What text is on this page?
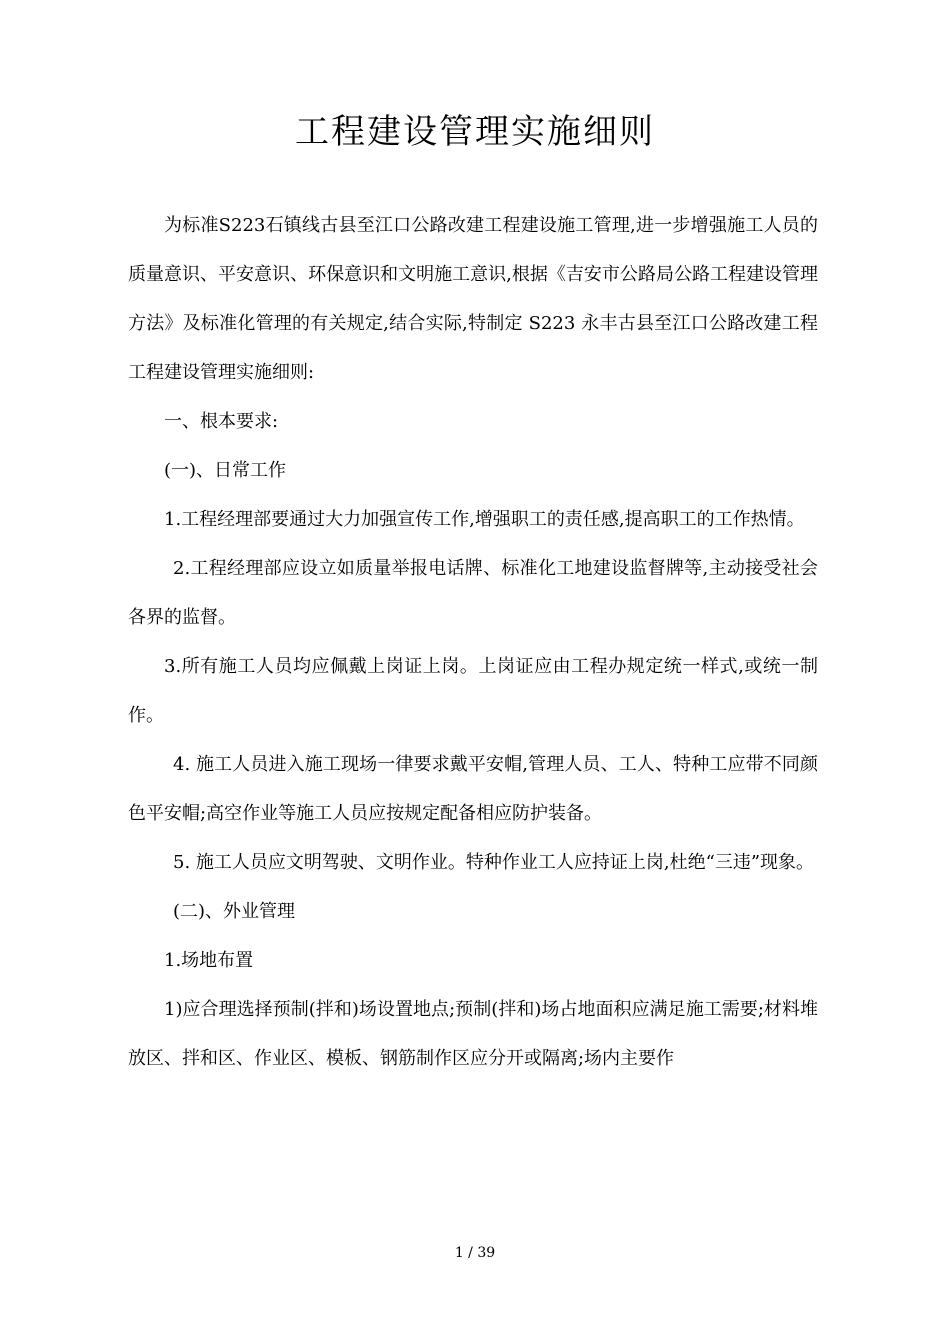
工程建设管理实施细则

为标准S223石镇线古县至江口公路改建工程建设施工管理,进一步增强施工人员的质量意识、平安意识、环保意识和文明施工意识,根据《吉安市公路局公路工程建设管理方法》及标准化管理的有关规定,结合实际,特制定 S223 永丰古县至江口公路改建工程工程建设管理实施细则:

一、根本要求:

(一)、日常工作

1.工程经理部要通过大力加强宣传工作,增强职工的责任感,提高职工的工作热情。

2.工程经理部应设立如质量举报电话牌、标准化工地建设监督牌等,主动接受社会各界的监督。

3.所有施工人员均应佩戴上岗证上岗。上岗证应由工程办规定统一样式,或统一制作。

4. 施工人员进入施工现场一律要求戴平安帽,管理人员、工人、特种工应带不同颜色平安帽;高空作业等施工人员应按规定配备相应防护装备。

5. 施工人员应文明驾驶、文明作业。特种作业工人应持证上岗,杜绝“三违”现象。

(二)、外业管理

1.场地布置

1)应合理选择预制(拌和)场设置地点;预制(拌和)场占地面积应满足施工需要;材料堆放区、拌和区、作业区、模板、钢筋制作区应分开或隔离;场内主要作

1 / 39
